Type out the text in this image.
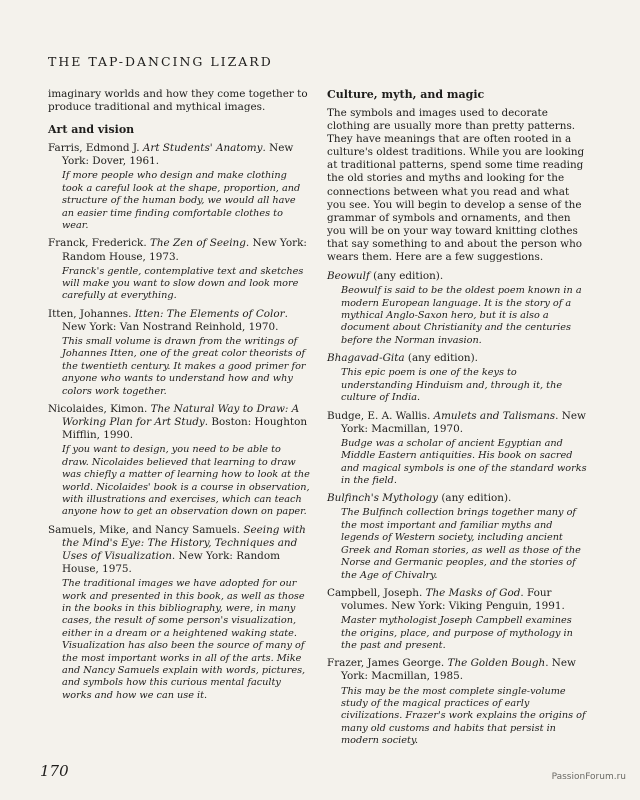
THE TAP-DANCING LIZARD

imaginary worlds and how they come together to produce traditional and mythical images.

Art and vision

Farris, Edmond J. Art Students' Anatomy. New York: Dover, 1961.

If more people who design and make clothing took a careful look at the shape, proportion, and structure of the human body, we would all have an easier time finding comfortable clothes to wear.

Franck, Frederick. The Zen of Seeing. New York: Random House, 1973.

Franck's gentle, contemplative text and sketches will make you want to slow down and look more carefully at everything.

Itten, Johannes. Itten: The Elements of Color. New York: Van Nostrand Reinhold, 1970.

This small volume is drawn from the writings of Johannes Itten, one of the great color theorists of the twentieth century. It makes a good primer for anyone who wants to understand how and why colors work together.

Nicolaides, Kimon. The Natural Way to Draw: A Working Plan for Art Study. Boston: Houghton Mifflin, 1990.

If you want to design, you need to be able to draw. Nicolaides believed that learning to draw was chiefly a matter of learning how to look at the world. Nicolaides' book is a course in observation, with illustrations and exercises, which can teach anyone how to get an observation down on paper.

Samuels, Mike, and Nancy Samuels. Seeing with the Mind's Eye: The History, Techniques and Uses of Visualization. New York: Random House, 1975.

The traditional images we have adopted for our work and presented in this book, as well as those in the books in this bibliography, were, in many cases, the result of some person's visualization, either in a dream or a heightened waking state. Visualization has also been the source of many of the most important works in all of the arts. Mike and Nancy Samuels explain with words, pictures, and symbols how this curious mental faculty works and how we can use it.

Culture, myth, and magic

The symbols and images used to decorate clothing are usually more than pretty patterns. They have meanings that are often rooted in a culture's oldest traditions. While you are looking at traditional patterns, spend some time reading the old stories and myths and looking for the connections between what you read and what you see. You will begin to develop a sense of the grammar of symbols and ornaments, and then you will be on your way toward knitting clothes that say something to and about the person who wears them. Here are a few suggestions.

Beowulf (any edition).

Beowulf is said to be the oldest poem known in a modern European language. It is the story of a mythical Anglo-Saxon hero, but it is also a document about Christianity and the centuries before the Norman invasion.

Bhagavad-Gita (any edition).

This epic poem is one of the keys to understanding Hinduism and, through it, the culture of India.

Budge, E. A. Wallis. Amulets and Talismans. New York: Macmillan, 1970.

Budge was a scholar of ancient Egyptian and Middle Eastern antiquities. His book on sacred and magical symbols is one of the standard works in the field.

Bulfinch's Mythology (any edition).

The Bulfinch collection brings together many of the most important and familiar myths and legends of Western society, including ancient Greek and Roman stories, as well as those of the Norse and Germanic peoples, and the stories of the Age of Chivalry.

Campbell, Joseph. The Masks of God. Four volumes. New York: Viking Penguin, 1991.

Master mythologist Joseph Campbell examines the origins, place, and purpose of mythology in the past and present.

Frazer, James George. The Golden Bough. New York: Macmillan, 1985.

This may be the most complete single-volume study of the magical practices of early civilizations. Frazer's work explains the origins of many old customs and habits that persist in modern society.

170	PassionForum.ru
